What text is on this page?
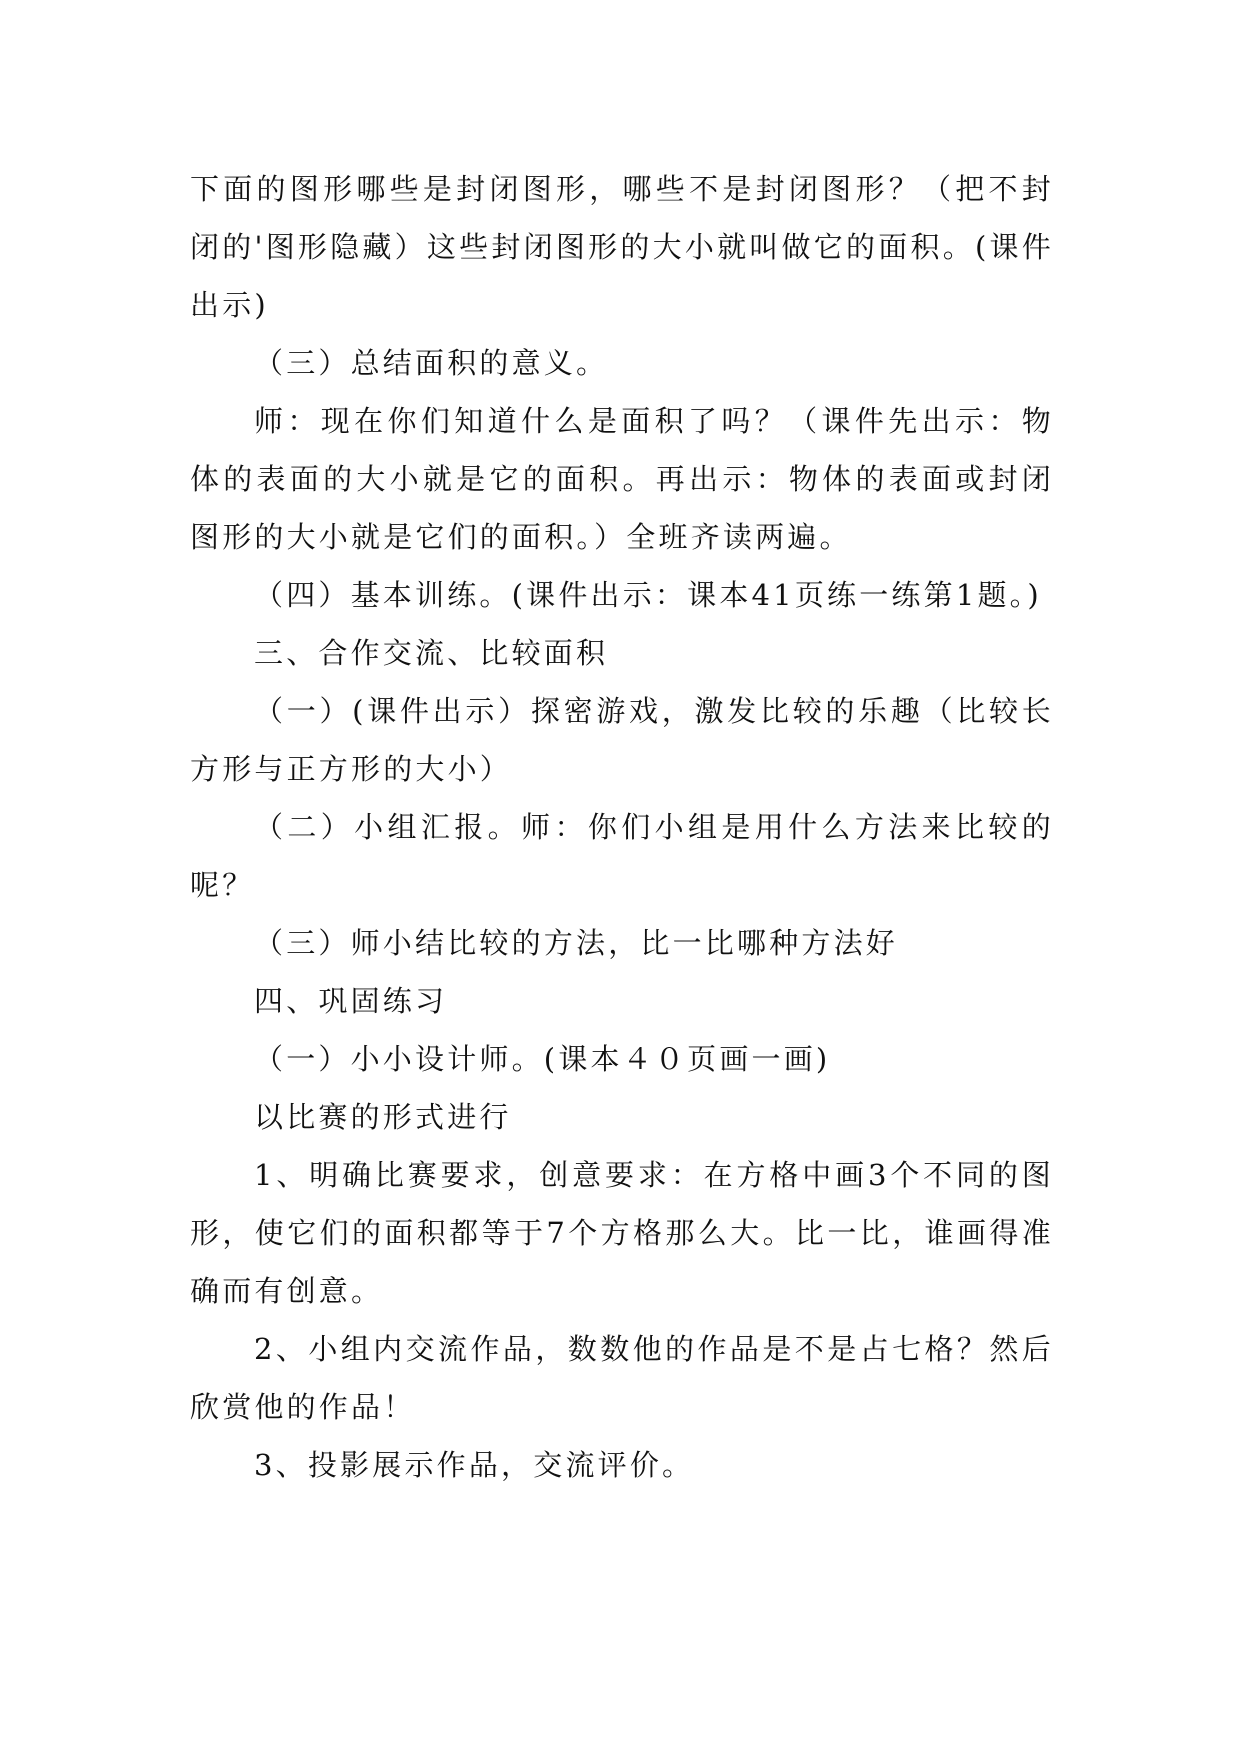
下面的图形哪些是封闭图形，哪些不是封闭图形？（把不封闭的'图形隐藏）这些封闭图形的大小就叫做它的面积。(课件出示)

（三）总结面积的意义。

师：现在你们知道什么是面积了吗？（课件先出示：物体的表面的大小就是它的面积。再出示：物体的表面或封闭图形的大小就是它们的面积。）全班齐读两遍。

（四）基本训练。(课件出示：课本41页练一练第1题。)

三、合作交流、比较面积

（一）(课件出示）探密游戏，激发比较的乐趣（比较长方形与正方形的大小）

（二）小组汇报。师：你们小组是用什么方法来比较的呢？

（三）师小结比较的方法，比一比哪种方法好

四、巩固练习

（一）小小设计师。(课本４０页画一画)

以比赛的形式进行

1、明确比赛要求，创意要求：在方格中画3个不同的图形，使它们的面积都等于7个方格那么大。比一比，谁画得准确而有创意。

2、小组内交流作品，数数他的作品是不是占七格？然后欣赏他的作品！

3、投影展示作品，交流评价。
